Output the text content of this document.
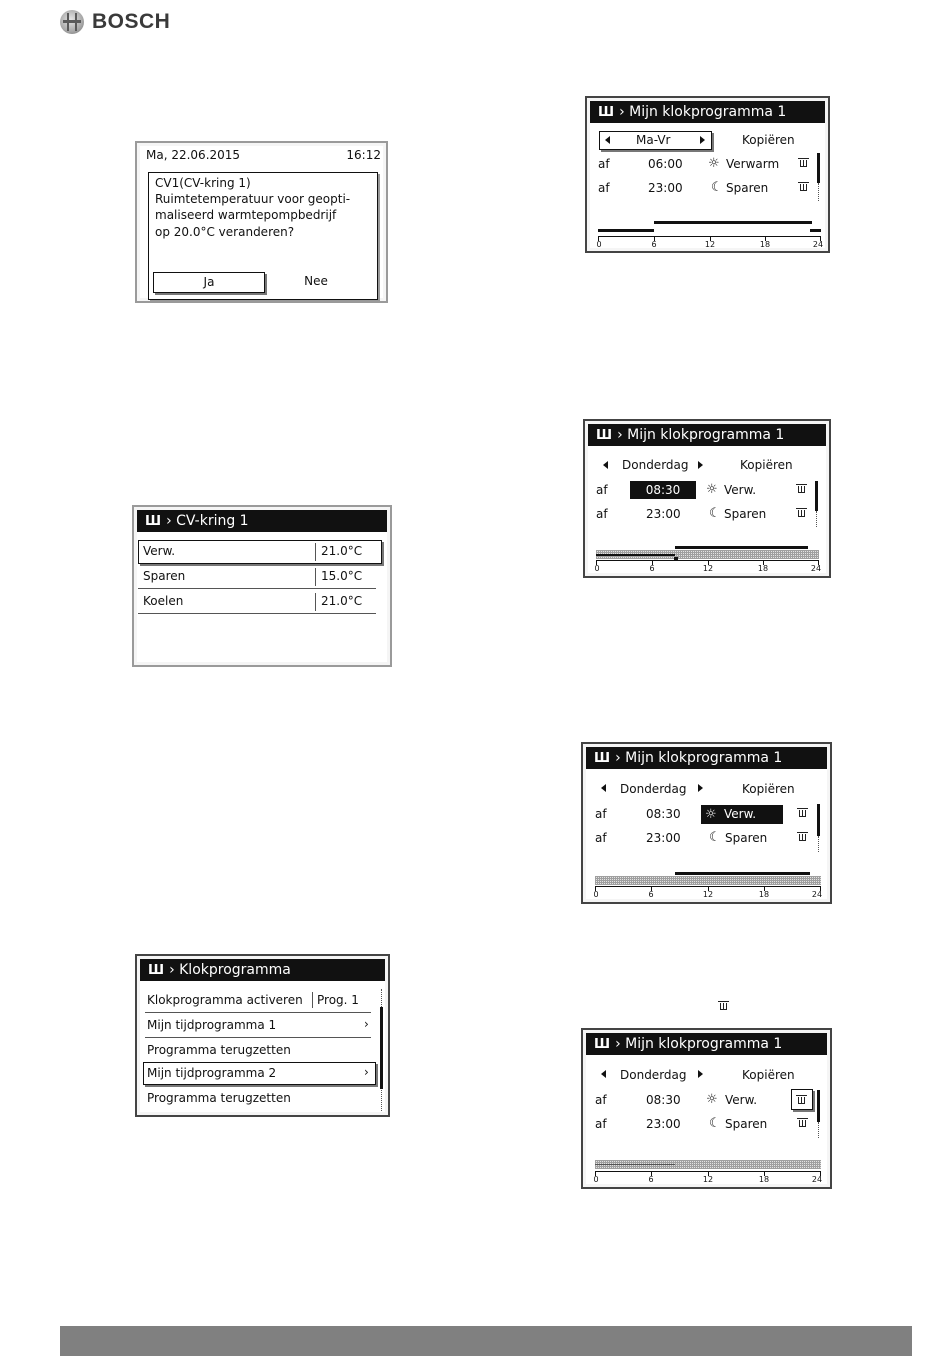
BOSCH
Ma, 22.06.2015	16:12
CV1(CV-kring 1)
Ruimtetemperatuur voor geopti-
maliseerd warmtepompbedrijf
op 20.0°C veranderen?
Ja	Nee
Ш › CV-kring 1
Verw.	21.0°C
Sparen	15.0°C
Koelen	21.0°C
Ш › Klokprogramma
Klokprogramma activeren Prog. 1
Mijn tijdprogramma 1	›
Programma terugzetten
Mijn tijdprogramma 2	›
Programma terugzetten
Ш › Mijn klokprogramma 1
Ma-Vr	Kopiëren
af	06:00 ☼ Verwarm
af	23:00 ☾ Sparen
0	6	12	18	24
Ш › Mijn klokprogramma 1
Donderdag	Kopiëren
af	08:30	☼ Verw.
af	23:00 ☾ Sparen
0	6	12	18	24
Ш › Mijn klokprogramma 1
Donderdag	Kopiëren
af	08:30 ☼ Verw.
af	23:00 ☾ Sparen
0	6	12	18	24
Ш › Mijn klokprogramma 1
Donderdag	Kopiëren
af	08:30 ☼ Verw.
af	23:00 ☾ Sparen
0	6	12	18	24
